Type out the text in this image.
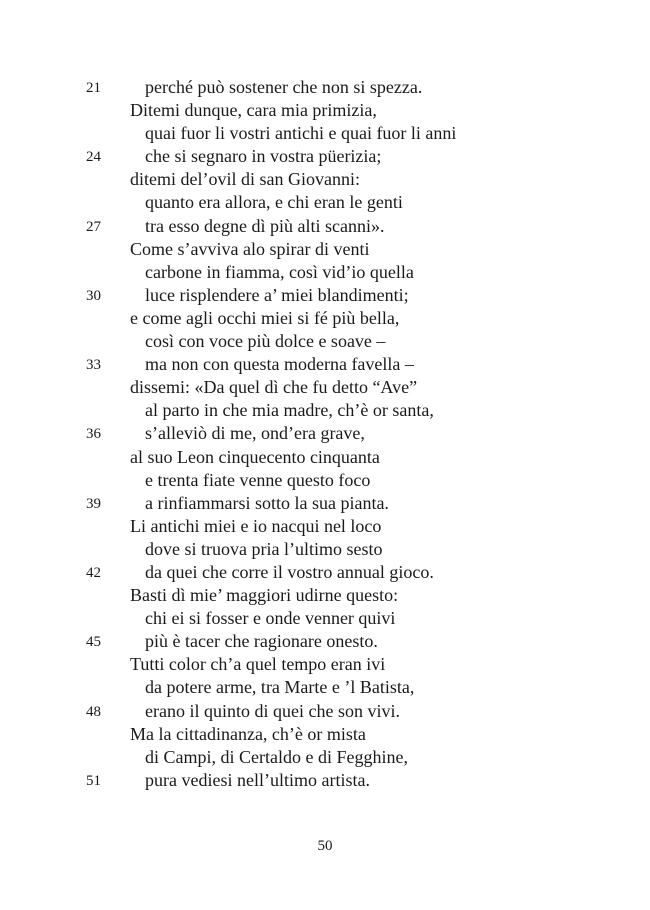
21	perché può sostener che non si spezza.
Ditemi dunque, cara mia primizia,
quai fuor li vostri antichi e quai fuor li anni
24	che si segnaro in vostra püerizia;
ditemi del’ovil di san Giovanni:
quanto era allora, e chi eran le genti
27	tra esso degne dì più alti scanni».
Come s’avviva alo spirar di venti
carbone in fiamma, così vid’io quella
30	luce risplendere a’ miei blandimenti;
e come agli occhi miei si fé più bella,
così con voce più dolce e soave –
33	ma non con questa moderna favella –
dissemi: «Da quel dì che fu detto “Ave”
al parto in che mia madre, ch’è or santa,
36	s’alleviò di me, ond’era grave,
al suo Leon cinquecento cinquanta
e trenta fiate venne questo foco
39	a rinfiammarsi sotto la sua pianta.
Li antichi miei e io nacqui nel loco
dove si truova pria l’ultimo sesto
42	da quei che corre il vostro annual gioco.
Basti dì mie’ maggiori udirne questo:
chi ei si fosser e onde venner quivi
45	più è tacer che ragionare onesto.
Tutti color ch’a quel tempo eran ivi
da potere arme, tra Marte e ’l Batista,
48	erano il quinto di quei che son vivi.
Ma la cittadinanza, ch’è or mista
di Campi, di Certaldo e di Fegghine,
51	pura vediesi nell’ultimo artista.
50
